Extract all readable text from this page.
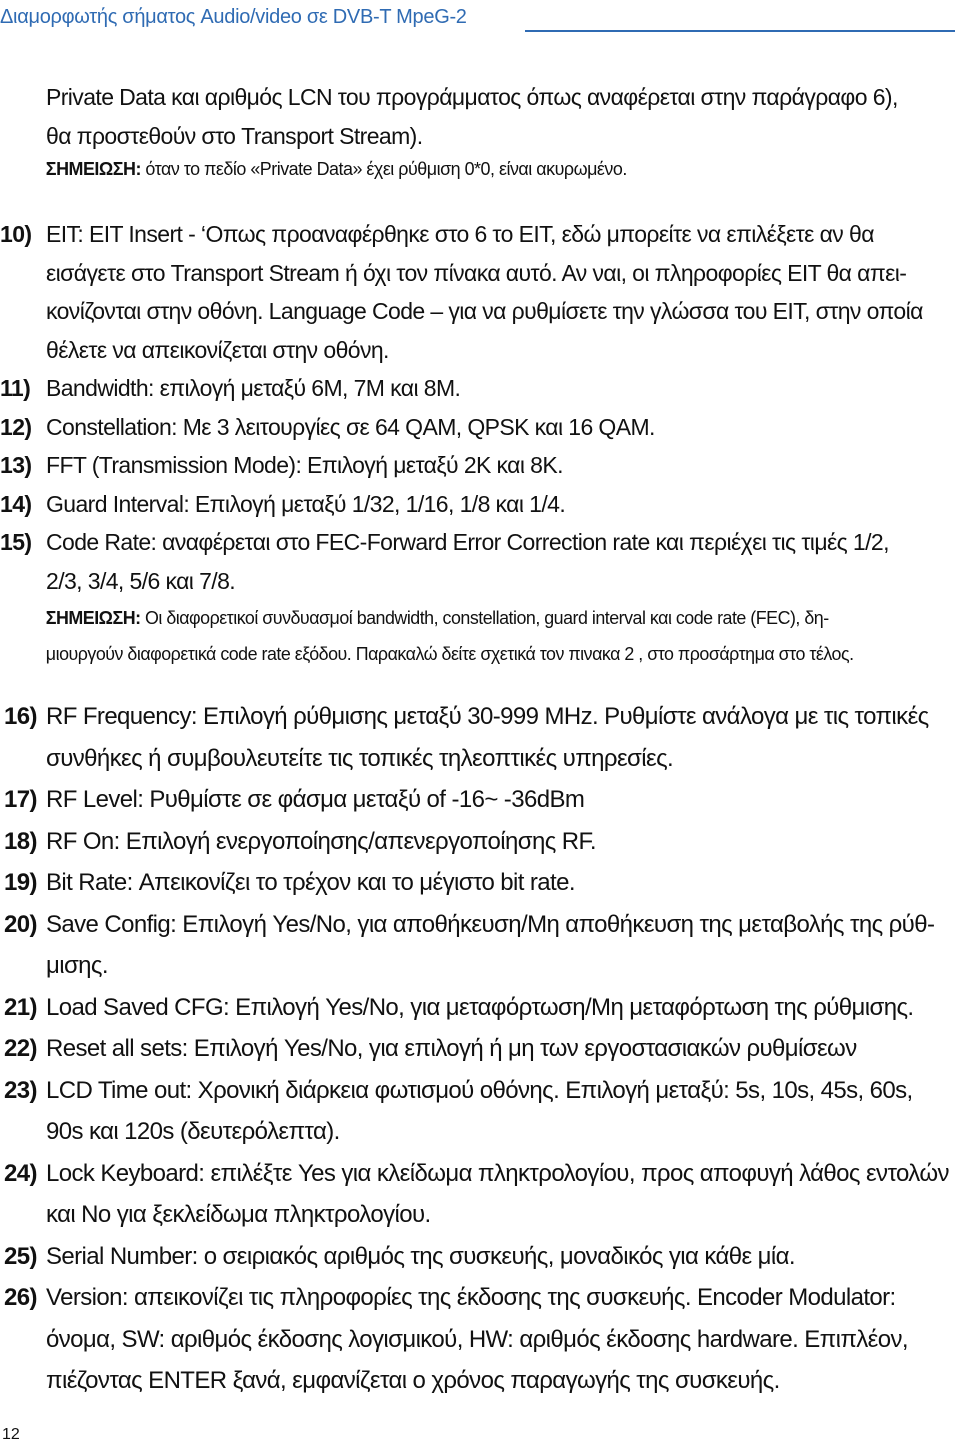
Διαμορφωτής σήματος Audio/video σε DVB-T MpeG-2
Private Data και αριθμός LCN του προγράμματος όπως αναφέρεται στην παράγραφο 6),
θα προστεθούν στο Transport Stream).
ΣΗΜΕΙΩΣΗ: όταν το πεδίο «Private Data» έχει ρύθμιση 0*0, είναι ακυρωμένο.
10) EIT: EIT Insert - ‘Οπως προαναφέρθηκε στο 6 το EIT, εδώ μπορείτε να επιλέξετε αν θα
εισάγετε στο Transport Stream ή όχι τον πίνακα αυτό. Αν ναι, οι πληροφορίες EIT θα απει-
κονίζονται στην οθόνη. Language Code – για να ρυθμίσετε την γλώσσα του EIT, στην οποία
θέλετε να απεικονίζεται στην οθόνη.
11) Bandwidth: επιλογή μεταξύ 6M, 7M και 8M.
12) Constellation: Με 3 λειτουργίες σε 64 QAM, QPSK και 16 QAM.
13) FFT (Transmission Mode): Επιλογή μεταξύ 2K και 8K.
14) Guard Interval: Επιλογή μεταξύ 1/32, 1/16, 1/8 και 1/4.
15) Code Rate: αναφέρεται στο FEC-Forward Error Correction rate και περιέχει τις τιμές 1/2,
2/3, 3/4, 5/6 και 7/8.
ΣΗΜΕΙΩΣΗ: Οι διαφορετικοί συνδυασμοί bandwidth, constellation, guard interval και code rate (FEC), δη-
μιουργούν διαφορετικά code rate εξόδου. Παρακαλώ δείτε σχετικά τον πινακα 2 , στο προσάρτημα στο τέλος.
16) RF Frequency: Επιλογή ρύθμισης μεταξύ 30-999 MHz. Ρυθμίστε ανάλογα με τις τοπικές
συνθήκες ή συμβουλευτείτε τις τοπικές τηλεοπτικές υπηρεσίες.
17) RF Level: Ρυθμίστε σε φάσμα μεταξύ of -16~ -36dBm
18) RF On: Επιλογή ενεργοποίησης/απενεργοποίησης RF.
19) Bit Rate: Απεικονίζει το τρέχον και το μέγιστο bit rate.
20) Save Config: Επιλογή Yes/No, για αποθήκευση/Μη αποθήκευση της μεταβολής της ρύθ-
μισης.
21) Load Saved CFG: Επιλογή Yes/No, για μεταφόρτωση/Μη μεταφόρτωση της ρύθμισης.
22) Reset all sets: Επιλογή Yes/No, για επιλογή ή μη των εργοστασιακών ρυθμίσεων
23) LCD Time out: Χρονική διάρκεια φωτισμού οθόνης. Επιλογή μεταξύ: 5s, 10s, 45s, 60s,
90s και 120s (δευτερόλεπτα).
24) Lock Keyboard: επιλέξτε Yes για κλείδωμα πληκτρολογίου, προς αποφυγή λάθος εντολών
και No για ξεκλείδωμα πληκτρολογίου.
25) Serial Number: ο σειριακός αριθμός της συσκευής, μοναδικός για κάθε μία.
26) Version: απεικονίζει τις πληροφορίες της έκδοσης της συσκευής. Encoder Modulator:
όνομα, SW: αριθμός έκδοσης λογισμικού, HW: αριθμός έκδοσης hardware. Επιπλέον,
πιέζοντας ENTER ξανά, εμφανίζεται ο χρόνος παραγωγής της συσκευής.
12
